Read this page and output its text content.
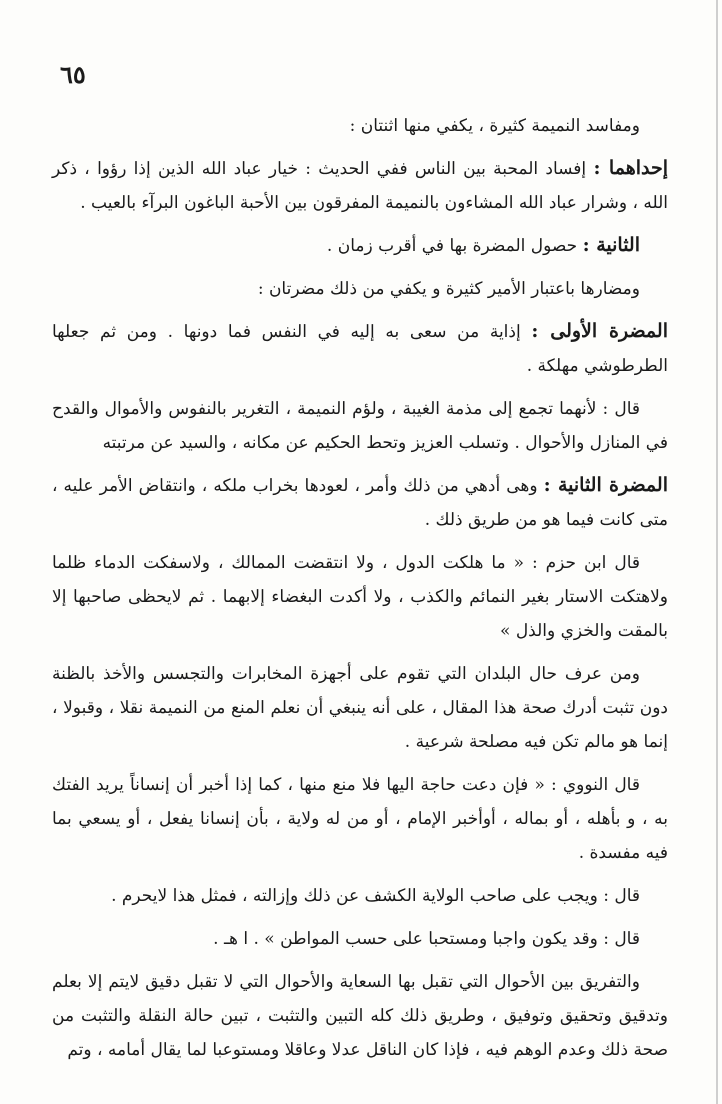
٦٥

ومفاسد النميمة كثيرة ، يكفي منها اثنتان :

إحداهما : إفساد المحبة بين الناس ففي الحديث : خيار عباد الله الذين إذا رؤوا ، ذكر الله ، وشرار عباد الله المشاءون بالنميمة المفرقون بين الأحبة الباغون البرآء بالعيب .

الثانية : حصول المضرة بها في أقرب زمان .

ومضارها باعتبار الأمير كثيرة و يكفي من ذلك مضرتان :

المضرة الأولى : إذاية من سعى به إليه في النفس فما دونها . ومن ثم جعلها الطرطوشي مهلكة .

قال : لأنهما تجمع إلى مذمة الغيبة ، ولؤم النميمة ، التغرير بالنفوس والأموال والقدح في المنازل والأحوال . وتسلب العزيز وتحط الحكيم عن مكانه ، والسيد عن مرتبته

المضرة الثانية : وهى أدهي من ذلك وأمر ، لعودها بخراب ملكه ، وانتقاض الأمر عليه ، متى كانت فيما هو من طريق ذلك .

قال ابن حزم : « ما هلكت الدول ، ولا انتقضت الممالك ، ولاسفكت الدماء ظلما ولاهتكت الاستار بغير النمائم والكذب ، ولا أكدت البغضاء إلابهما . ثم لايحظى صاحبها إلا بالمقت والخزي والذل »

ومن عرف حال البلدان التي تقوم على أجهزة المخابرات والتجسس والأخذ بالظنة دون تثبت أدرك صحة هذا المقال ، على أنه ينبغي أن نعلم المنع من النميمة نقلا ، وقبولا ، إنما هو مالم تكن فيه مصلحة شرعية .

قال النووي : « فإن دعت حاجة اليها فلا منع منها ، كما إذا أخبر أن إنساناً يريد الفتك به ، و بأهله ، أو بماله ، أوأخبر الإمام ، أو من له ولاية ، بأن إنسانا يفعل ، أو يسعي بما فيه مفسدة .

قال : ويجب على صاحب الولاية الكشف عن ذلك وإزالته ، فمثل هذا لايحرم .

قال : وقد يكون واجبا ومستحبا على حسب المواطن » . ا هـ .

والتفريق بين الأحوال التي تقبل بها السعاية والأحوال التي لا تقبل دقيق لايتم إلا بعلم وتدقيق وتحقيق وتوفيق ، وطريق ذلك كله التبين والتثبت ، تبين حالة النقلة والتثبت من صحة ذلك وعدم الوهم فيه ، فإذا كان الناقل عدلا وعاقلا ومستوعبا لما يقال أمامه ، وتم
